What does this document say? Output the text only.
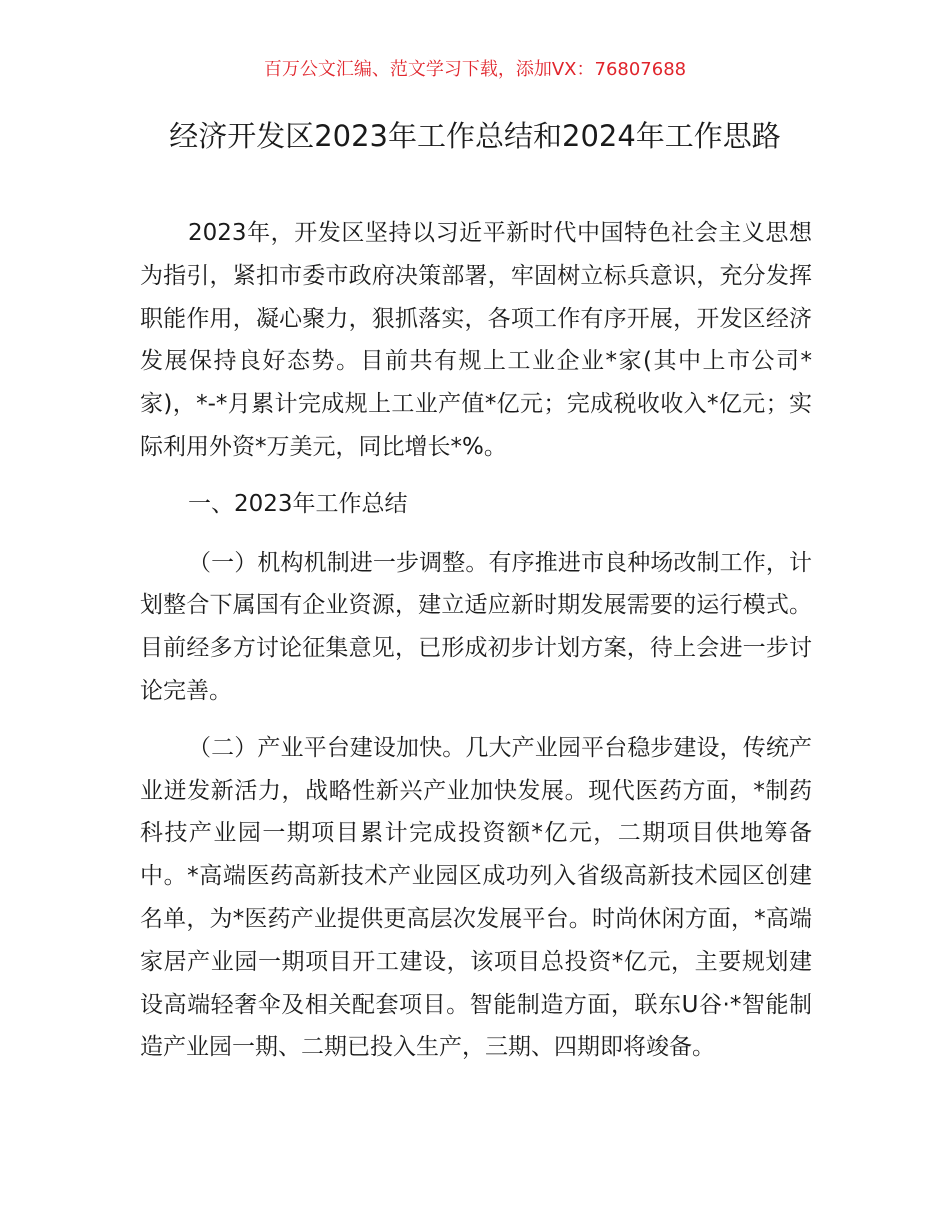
百万公文汇编、范文学习下载，添加VX：76807688
经济开发区2023年工作总结和2024年工作思路

2023年，开发区坚持以习近平新时代中国特色社会主义思想为指引，紧扣市委市政府决策部署，牢固树立标兵意识，充分发挥职能作用，凝心聚力，狠抓落实，各项工作有序开展，开发区经济发展保持良好态势。目前共有规上工业企业*家(其中上市公司*家)，*-*月累计完成规上工业产值*亿元；完成税收收入*亿元；实际利用外资*万美元，同比增长*%。

一、2023年工作总结

（一）机构机制进一步调整。有序推进市良种场改制工作，计划整合下属国有企业资源，建立适应新时期发展需要的运行模式。目前经多方讨论征集意见，已形成初步计划方案，待上会进一步讨论完善。

（二）产业平台建设加快。几大产业园平台稳步建设，传统产业迸发新活力，战略性新兴产业加快发展。现代医药方面，*制药科技产业园一期项目累计完成投资额*亿元，二期项目供地筹备中。*高端医药高新技术产业园区成功列入省级高新技术园区创建名单，为*医药产业提供更高层次发展平台。时尚休闲方面，*高端家居产业园一期项目开工建设，该项目总投资*亿元，主要规划建设高端轻奢伞及相关配套项目。智能制造方面，联东U谷·*智能制造产业园一期、二期已投入生产，三期、四期即将竣备。
